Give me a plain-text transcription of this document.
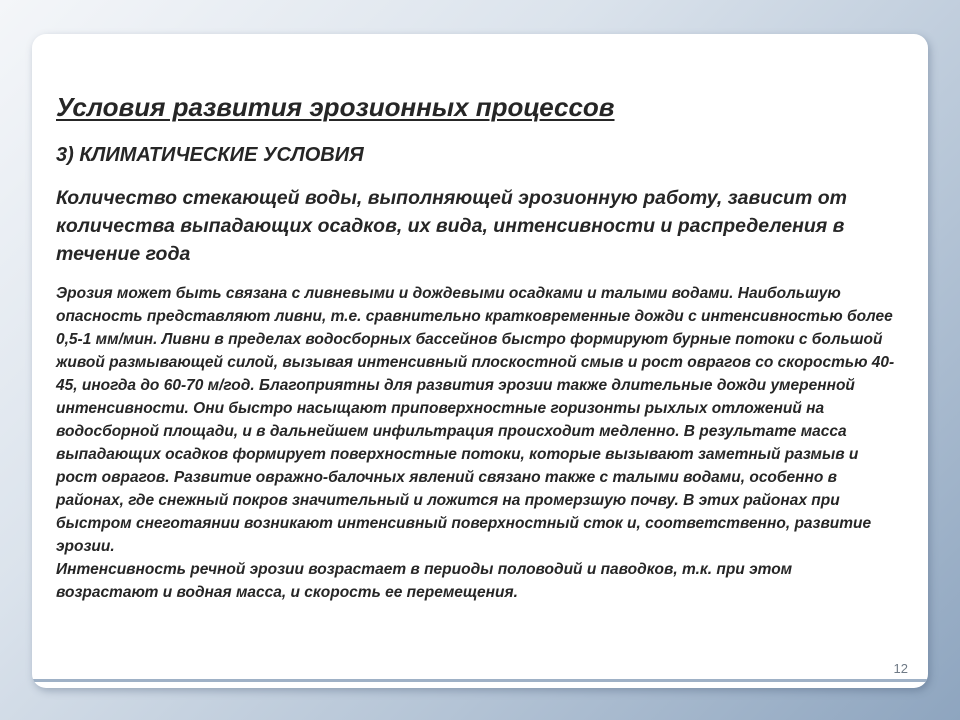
Условия развития эрозионных процессов

3) КЛИМАТИЧЕСКИЕ УСЛОВИЯ

Количество стекающей воды, выполняющей эрозионную работу, зависит от количества выпадающих осадков, их вида, интенсивности и распределения в течение года

Эрозия может быть связана с ливневыми и дождевыми осадками и талыми водами. Наибольшую опасность представляют ливни, т.е. сравнительно кратковременные дожди с интенсивностью более 0,5-1 мм/мин. Ливни в пределах водосборных бассейнов быстро формируют бурные потоки с большой живой размывающей силой, вызывая интенсивный плоскостной смыв и рост оврагов со скоростью 40-45, иногда до 60-70 м/год. Благоприятны для развития эрозии также длительные дожди умеренной интенсивности. Они быстро насыщают приповерхностные горизонты рыхлых отложений на водосборной площади, и в дальнейшем инфильтрация происходит медленно. В результате масса выпадающих осадков формирует поверхностные потоки, которые вызывают заметный размыв и рост оврагов. Развитие овражно-балочных явлений связано также с талыми водами, особенно в районах, где снежный покров значительный и ложится на промерзшую почву. В этих районах при быстром снеготаянии возникают интенсивный поверхностный сток и, соответственно, развитие эрозии.

Интенсивность речной эрозии возрастает в периоды половодий и паводков, т.к. при этом возрастают и водная масса, и скорость ее перемещения.

12
